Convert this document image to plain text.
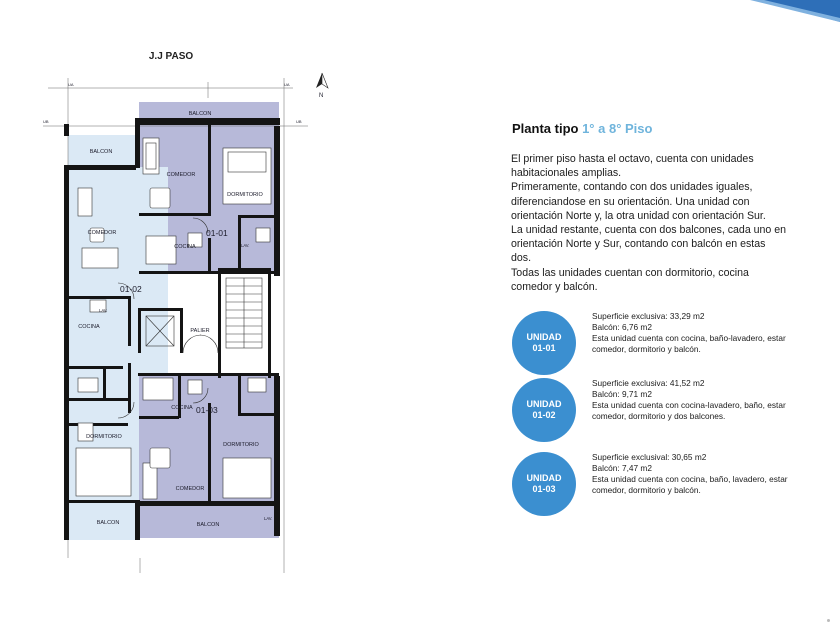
J.J PASO
UA	UA
UB	UB
BALCON
BALCON
COMEDOR
DORMITORIO
COCINA
COMEDOR
COCINA
DORMITORIO
BALCON
PALIER
COCINA
DORMITORIO
COMEDOR
BALCON
LAV.
LAV.
LAV.
01-01
01-02
01-03
N
Planta tipo 1° a 8° Piso

El primer piso hasta el octavo, cuenta con unidades habitacionales amplias.

Primeramente, contando con dos unidades iguales, diferenciandose en su orientación. Una unidad con orientación Norte y, la otra unidad con orientación Sur.

La unidad restante, cuenta con dos balcones, cada uno en orientación Norte y Sur, contando con balcón en estas dos.

Todas las unidades cuentan con dormitorio, cocina comedor y balcón.

UNIDAD
01-01
Superficie exclusiva: 33,29 m2
Balcón: 6,76 m2
Esta unidad cuenta con cocina, baño-lavadero, estar comedor, dormitorio y balcón.
UNIDAD
01-02
Superficie exclusiva: 41,52 m2
Balcón: 9,71 m2
Esta unidad cuenta con cocina-lavadero, baño, estar comedor, dormitorio y dos balcones.
UNIDAD
01-03
Superficie exclusival: 30,65 m2
Balcón: 7,47 m2
Esta unidad cuenta con cocina, baño, lavadero, estar comedor, dormitorio y balcón.
